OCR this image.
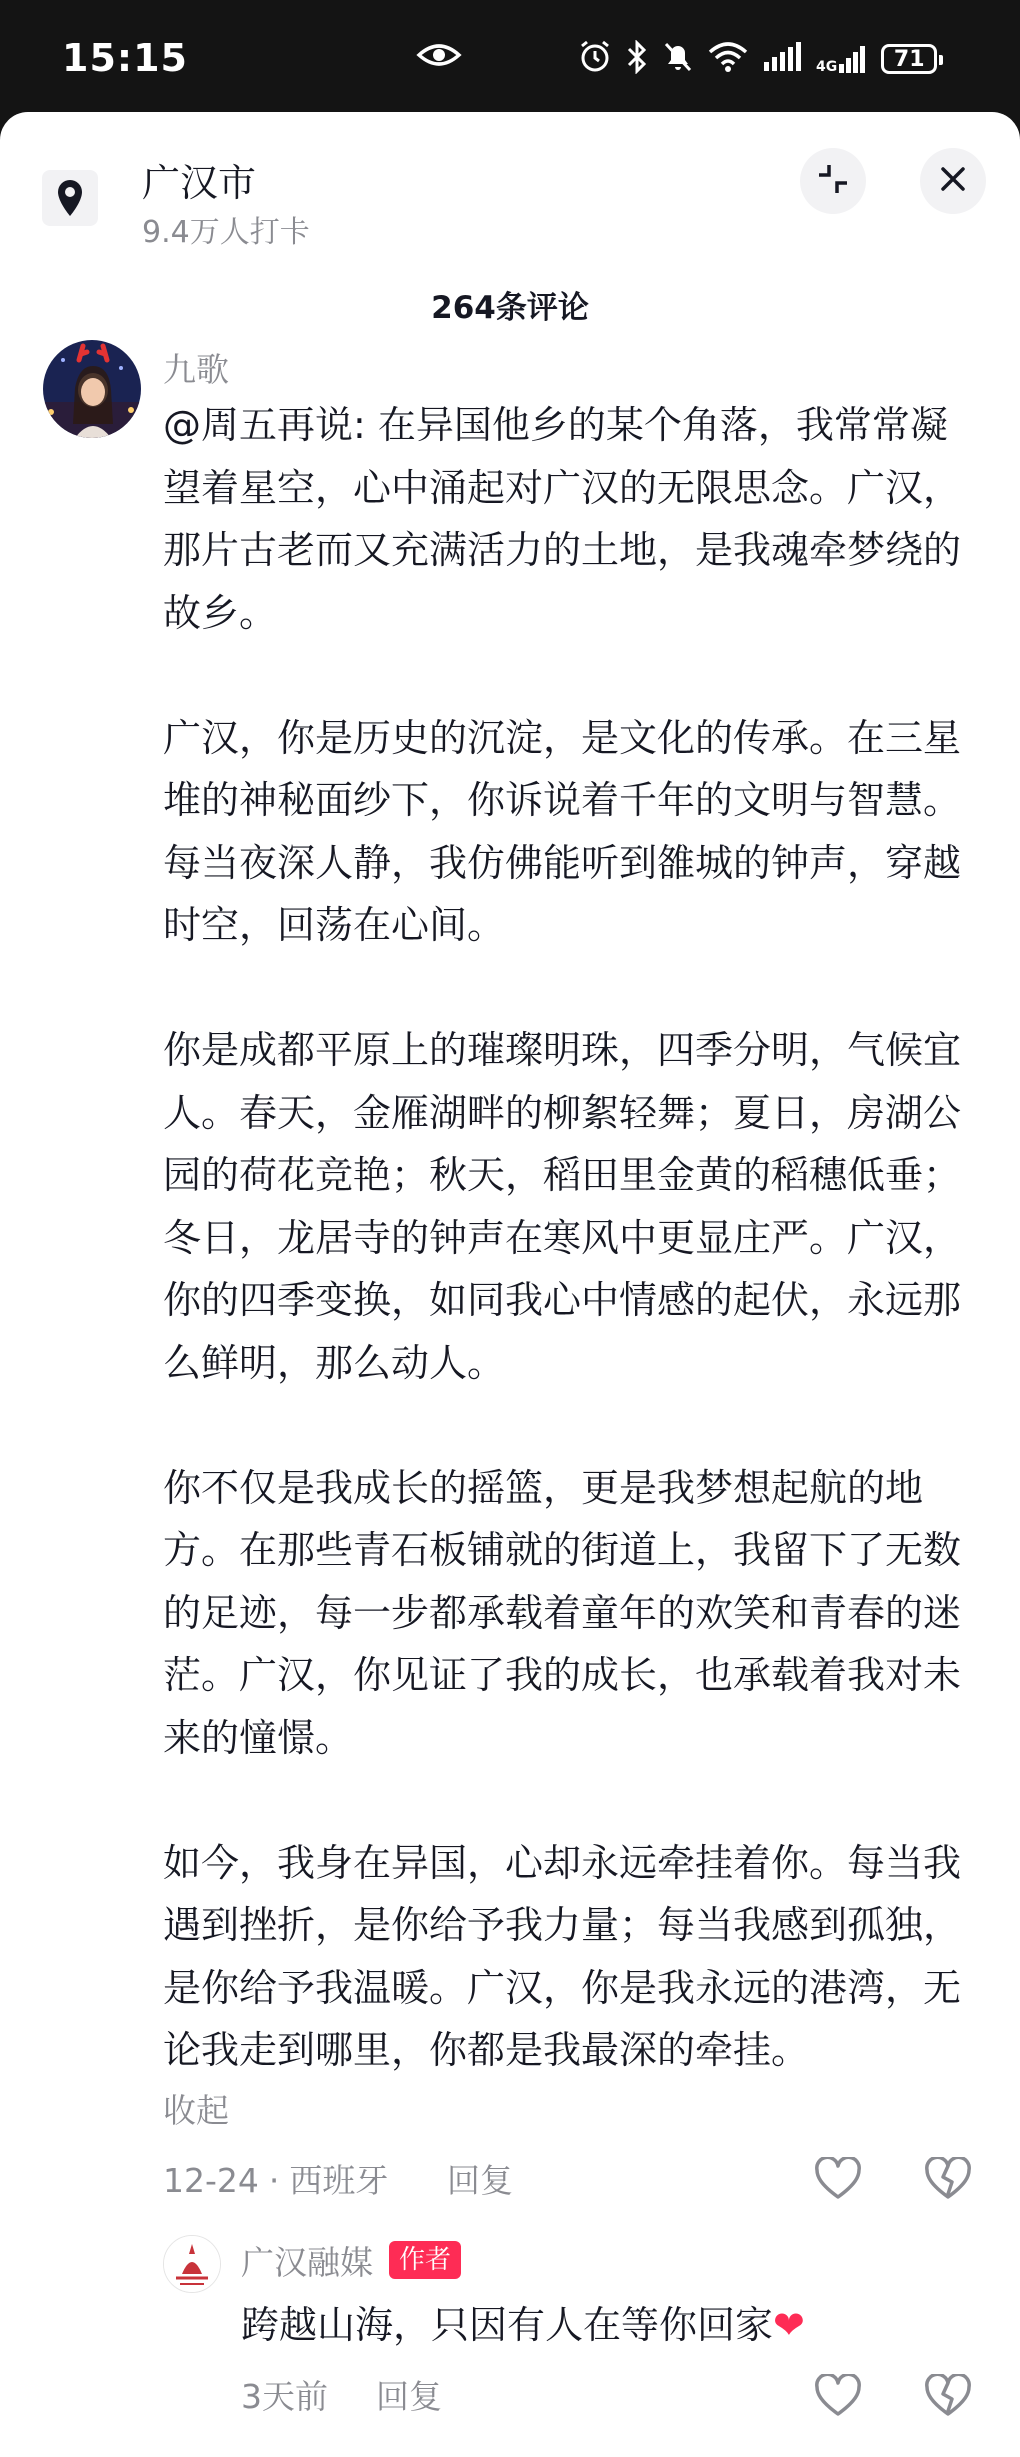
15:15	4G	71
广汉市
9.4万人打卡
264条评论
九歌

@周五再说: 在异国他乡的某个角落，我常常凝望着星空，心中涌起对广汉的无限思念。广汉，那片古老而又充满活力的土地，是我魂牵梦绕的故乡。

广汉，你是历史的沉淀，是文化的传承。在三星堆的神秘面纱下，你诉说着千年的文明与智慧。每当夜深人静，我仿佛能听到雒城的钟声，穿越时空，回荡在心间。

你是成都平原上的璀璨明珠，四季分明，气候宜人。春天，金雁湖畔的柳絮轻舞；夏日，房湖公园的荷花竞艳；秋天，稻田里金黄的稻穗低垂；冬日，龙居寺的钟声在寒风中更显庄严。广汉，你的四季变换，如同我心中情感的起伏，永远那么鲜明，那么动人。

你不仅是我成长的摇篮，更是我梦想起航的地方。在那些青石板铺就的街道上，我留下了无数的足迹，每一步都承载着童年的欢笑和青春的迷茫。广汉，你见证了我的成长，也承载着我对未来的憧憬。

如今，我身在异国，心却永远牵挂着你。每当我遇到挫折，是你给予我力量；每当我感到孤独，是你给予我温暖。广汉，你是我永远的港湾，无论我走到哪里，你都是我最深的牵挂。

收起
12-24 · 西班牙 回复
广汉融媒	作者
跨越山海，只因有人在等你回家❤
3天前 回复
